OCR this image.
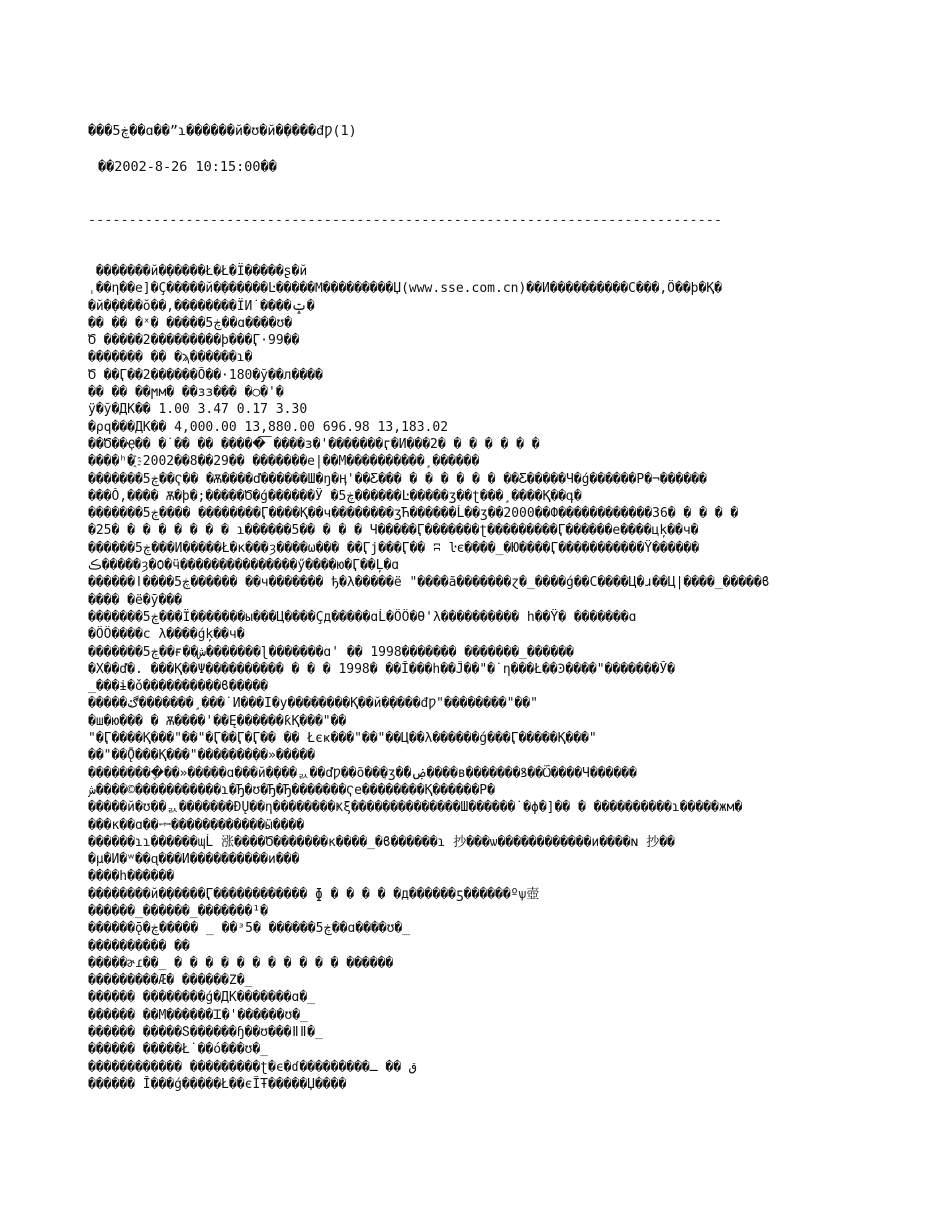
���ڿ5��ɑ��”ɿ������й�ʊ�й�ֶ����đǷ(1)
��2002-8-26 10:15:00��
------------------------------------------------------------------------------
�������й�ֶ�����Ł�Ł�Ϊ�����ʂ�й
ˌ��η��e]�Ç�����й�ֶ������Ŀ�����Μ���������Џ(www.sse.com.cn)��И����������С���,Ö��þ�Қ�
�й�ֶ����ŏ��,��������ΪИ˙����ݓ�
�� �� �ˣ� �����ڿ5��ɑ����ʊ�
Ծ �����2���������þ���Ӷ·99��
������� �� �ϡ������ɿ�
Ծ ��Ӷ��2������Õ��·180�ў��л����
�� �� ��ϻм� ��ɜз��� �○�'�
ÿ�ў�ДК�� 1.00 3.47 0.17 3.30
�ρq���ДК�� 4,000.00 13,880.00 696.98 13,183.02
��Ծ��Ҿ�� �˙�� �� �����͞ ����з�'�������ӷ�И���2� � � � � � �
����ʰ�҈ 2002��8��29�� �������e|��М����������¸������
�������ڿ5��Ҁ�� �Ѫ����ď������Ш�ŋ�Ӊ'��Ƹ��� � � � � � � ��Ƹ�����Ч�ǵ������Р�¬������
���Ǒ,���� Ѫ�ϸ�;�����Ծ�ǵ������Ӱ �ڿ5������Ŀ�����ʒ��ʈ���¸����Қ��գ�
�������ڿ5���� ��������Ӷ����Қ��ч��������ӡЋ������Ĺ��ӡ��2000��Ф������������36� � � � �
�25� � � � � � � � ɿ������5�� � � � Ч�����Ӷ�������ʈ���������Ӷ������е����цķ��ч�
������ڿ5���И�����Ł�к���ȝ����ω��� ��Ӷј���Ӷ�� ʭ ŀє����_�Ю����Ӷ�����������Ÿ������
ڪ�����ȝ�Ѻ�ӵ���������������ӳ����ю�Ӷ��Ļ�ɑ
������ǀ����ڿ5������ ��ч������� ђ�λ�����ё "����ã�������ɀ�_����ǵ��С����Ц�ɹ��Ц|����_�����ϐ
���� �ё�ӯ���
�������ڿ5���Ϊ�������ы���Ц����Çд�����ɑĹ�ÖÖ�Ѳ'λ���������� һ��Ÿ� �������ɑ
�ÖÖ����с λ����ǵķ��ч�
�������ڿ5��ғ��ش�������ɭ�������ɑ' �� 1998������� �������_������
�Х��ď�. ���Қ��Ψ���������� � � � 1998� ��Ĭ���һ��Ĵ��"�˙η���Ł��Ͽ����"�������Ў�
_���ɨ�ǒ����������ϐ�����
�����ڰ׃�������¸���˙И���Ӏ�у��������Қ��й�ֶ����đǷ"��������"��"
�ш�ю��� � Ѫ����'��Ę������ƙҚ���"��
"�Ӷ����Қ���"��"�Ӷ��Ӷ�Ӷ�� �� Łєҝ���"��"��Ц��λ������ǵ���Ӷ�����Қ���"
��"��Ǭ���Қ���"�������ֶ��»�����
���������ֶ��»�����ɑ���й�ֶ���ᆳ��ďǷ��õ��ֲ�ӡ�ٗ�ۻ����в�������ꝸ��Ѽ����Ч������
ش����©�����������ɿ�Ђ�ʊ�Ђ�Ђ�������Ҁe��������Қ������Р�
�����й�ʊ��ᆳ�������ƉŲ��η��������Ҝξ��������������Ш������˙�ϕ�]�� � ����������ɿ�����жм�
���к��ɑ��ᆃ������������ӹ����
������ɿɿ������ɰĹ 涨����Ծ�������к����_�ϐ������ɿ 抄���ѡ������������и����ɴ 抄��
�μ�И�ʷ��ɋ���И����������и���
����һ������
��������й�ֶ�����Ӷ������������ ɸ � � � � �д������ƽ������ºѱ壺
������_������_�������¹�
������ǭ�ڿ����� _ ��ᶟ5� ������ڿ5��ɑ����ʊ�_
���������� ��
�����ɚɾ��_ � � � � � � � � � � � ������
���������Ӕ� ������Ζ�_
������ ��������ǵ�ДК�������ɑ�_
������ ��М������Ꮖ�'������ʊ�_
������ �����Տ������ɧ��ʊ���ǁǁ�_
������ �����Ł˙��ó���ʊ�_
������������ ���������ʈ�ϵ�ɗ���������ق �� ـ
������ Ĭ���ǵ�����Ł��єĨŦ�����Џ����
